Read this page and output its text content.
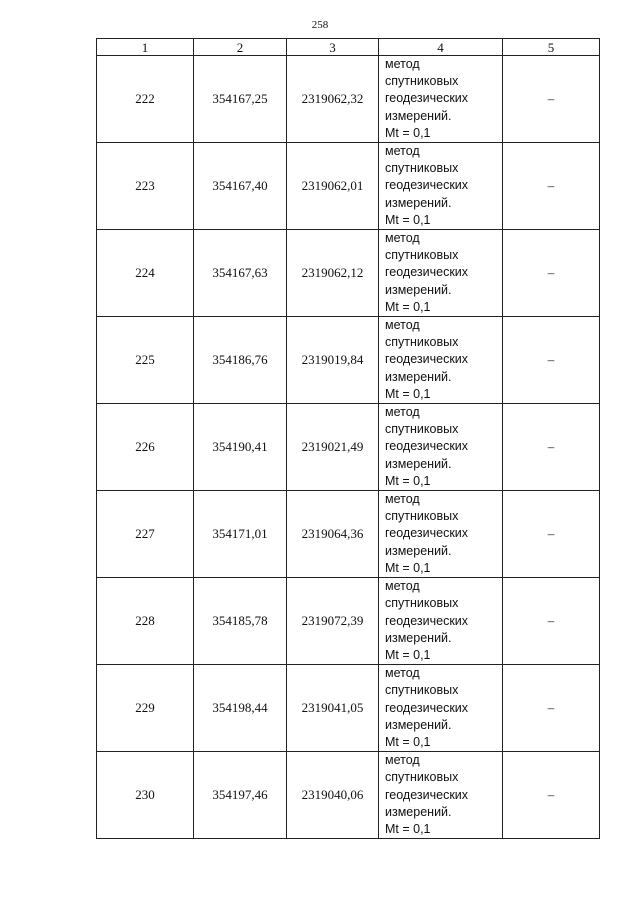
258
1	2	3	4	5
222	354167,25	2319062,32	метод
спутниковых
геодезических
измерений.
Mt = 0,1	–
223	354167,40	2319062,01	метод
спутниковых
геодезических
измерений.
Mt = 0,1	–
224	354167,63	2319062,12	метод
спутниковых
геодезических
измерений.
Mt = 0,1	–
225	354186,76	2319019,84	метод
спутниковых
геодезических
измерений.
Mt = 0,1	–
226	354190,41	2319021,49	метод
спутниковых
геодезических
измерений.
Mt = 0,1	–
227	354171,01	2319064,36	метод
спутниковых
геодезических
измерений.
Mt = 0,1	–
228	354185,78	2319072,39	метод
спутниковых
геодезических
измерений.
Mt = 0,1	–
229	354198,44	2319041,05	метод
спутниковых
геодезических
измерений.
Mt = 0,1	–
230	354197,46	2319040,06	метод
спутниковых
геодезических
измерений.
Mt = 0,1	–
